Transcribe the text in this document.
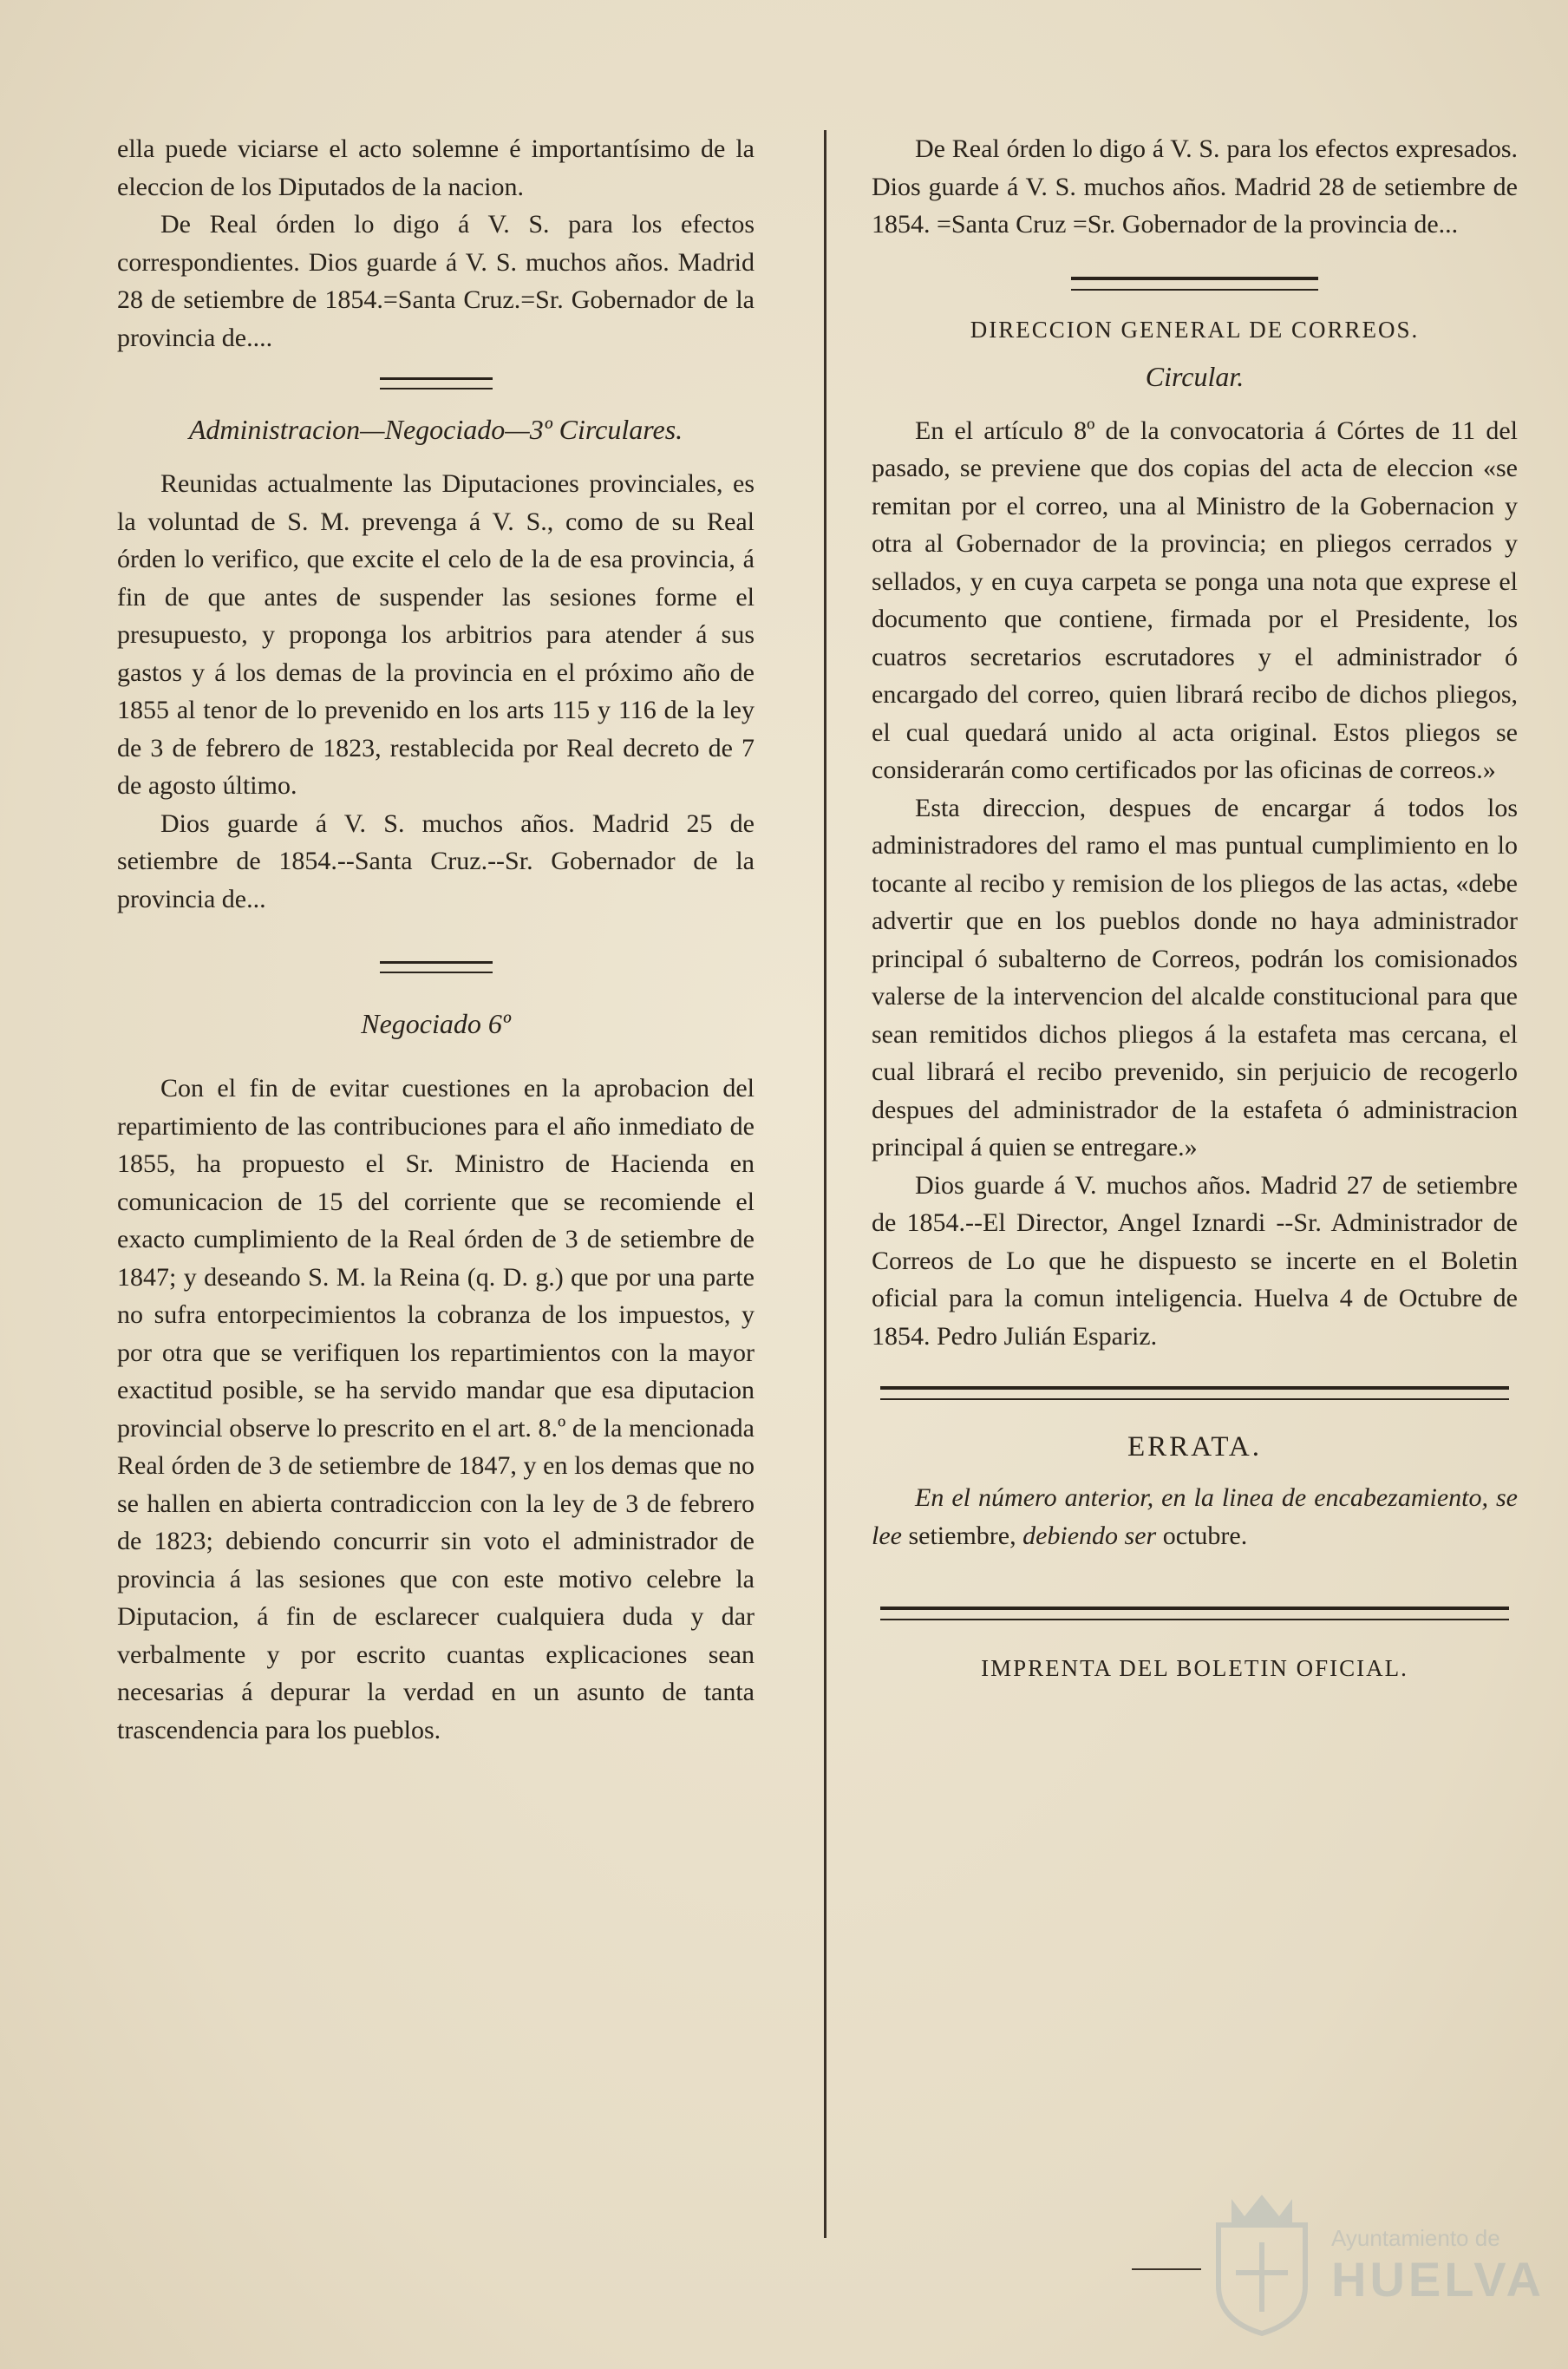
ella puede viciarse el acto solemne é importantísimo de la eleccion de los Diputados de la nacion.

De Real órden lo digo á V. S. para los efectos correspondientes. Dios guarde á V. S. muchos años. Madrid 28 de setiembre de 1854.=Santa Cruz.=Sr. Gobernador de la provincia de....

Administracion—Negociado—3º Circulares.

Reunidas actualmente las Diputaciones provinciales, es la voluntad de S. M. prevenga á V. S., como de su Real órden lo verifico, que excite el celo de la de esa provincia, á fin de que antes de suspender las sesiones forme el presupuesto, y proponga los arbitrios para atender á sus gastos y á los demas de la provincia en el próximo año de 1855 al tenor de lo prevenido en los arts 115 y 116 de la ley de 3 de febrero de 1823, restablecida por Real decreto de 7 de agosto último.

Dios guarde á V. S. muchos años. Madrid 25 de setiembre de 1854.--Santa Cruz.--Sr. Gobernador de la provincia de...

Negociado 6º

Con el fin de evitar cuestiones en la aprobacion del repartimiento de las contribuciones para el año inmediato de 1855, ha propuesto el Sr. Ministro de Hacienda en comunicacion de 15 del corriente que se recomiende el exacto cumplimiento de la Real órden de 3 de setiembre de 1847; y deseando S. M. la Reina (q. D. g.) que por una parte no sufra entorpecimientos la cobranza de los impuestos, y por otra que se verifiquen los repartimientos con la mayor exactitud posible, se ha servido mandar que esa diputacion provincial observe lo prescrito en el art. 8.º de la mencionada Real órden de 3 de setiembre de 1847, y en los demas que no se hallen en abierta contradiccion con la ley de 3 de febrero de 1823; debiendo concurrir sin voto el administrador de provincia á las sesiones que con este motivo celebre la Diputacion, á fin de esclarecer cualquiera duda y dar verbalmente y por escrito cuantas explicaciones sean necesarias á depurar la verdad en un asunto de tanta trascendencia para los pueblos.

De Real órden lo digo á V. S. para los efectos expresados. Dios guarde á V. S. muchos años. Madrid 28 de setiembre de 1854. =Santa Cruz =Sr. Gobernador de la provincia de...

DIRECCION GENERAL DE CORREOS.
Circular.

En el artículo 8º de la convocatoria á Córtes de 11 del pasado, se previene que dos copias del acta de eleccion «se remitan por el correo, una al Ministro de la Gobernacion y otra al Gobernador de la provincia; en pliegos cerrados y sellados, y en cuya carpeta se ponga una nota que exprese el documento que contiene, firmada por el Presidente, los cuatros secretarios escrutadores y el administrador ó encargado del correo, quien librará recibo de dichos pliegos, el cual quedará unido al acta original. Estos pliegos se considerarán como certificados por las oficinas de correos.»

Esta direccion, despues de encargar á todos los administradores del ramo el mas puntual cumplimiento en lo tocante al recibo y remision de los pliegos de las actas, «debe advertir que en los pueblos donde no haya administrador principal ó subalterno de Correos, podrán los comisionados valerse de la intervencion del alcalde constitucional para que sean remitidos dichos pliegos á la estafeta mas cercana, el cual librará el recibo prevenido, sin perjuicio de recogerlo despues del administrador de la estafeta ó administracion principal á quien se entregare.»

Dios guarde á V. muchos años. Madrid 27 de setiembre de 1854.--El Director, Angel Iznardi --Sr. Administrador de Correos de Lo que he dispuesto se incerte en el Boletin oficial para la comun inteligencia. Huelva 4 de Octubre de 1854. Pedro Julián Espariz.

ERRATA.

En el número anterior, en la linea de encabezamiento, se lee setiembre, debiendo ser octubre.

IMPRENTA DEL BOLETIN OFICIAL.
Ayuntamiento de
HUELVA
